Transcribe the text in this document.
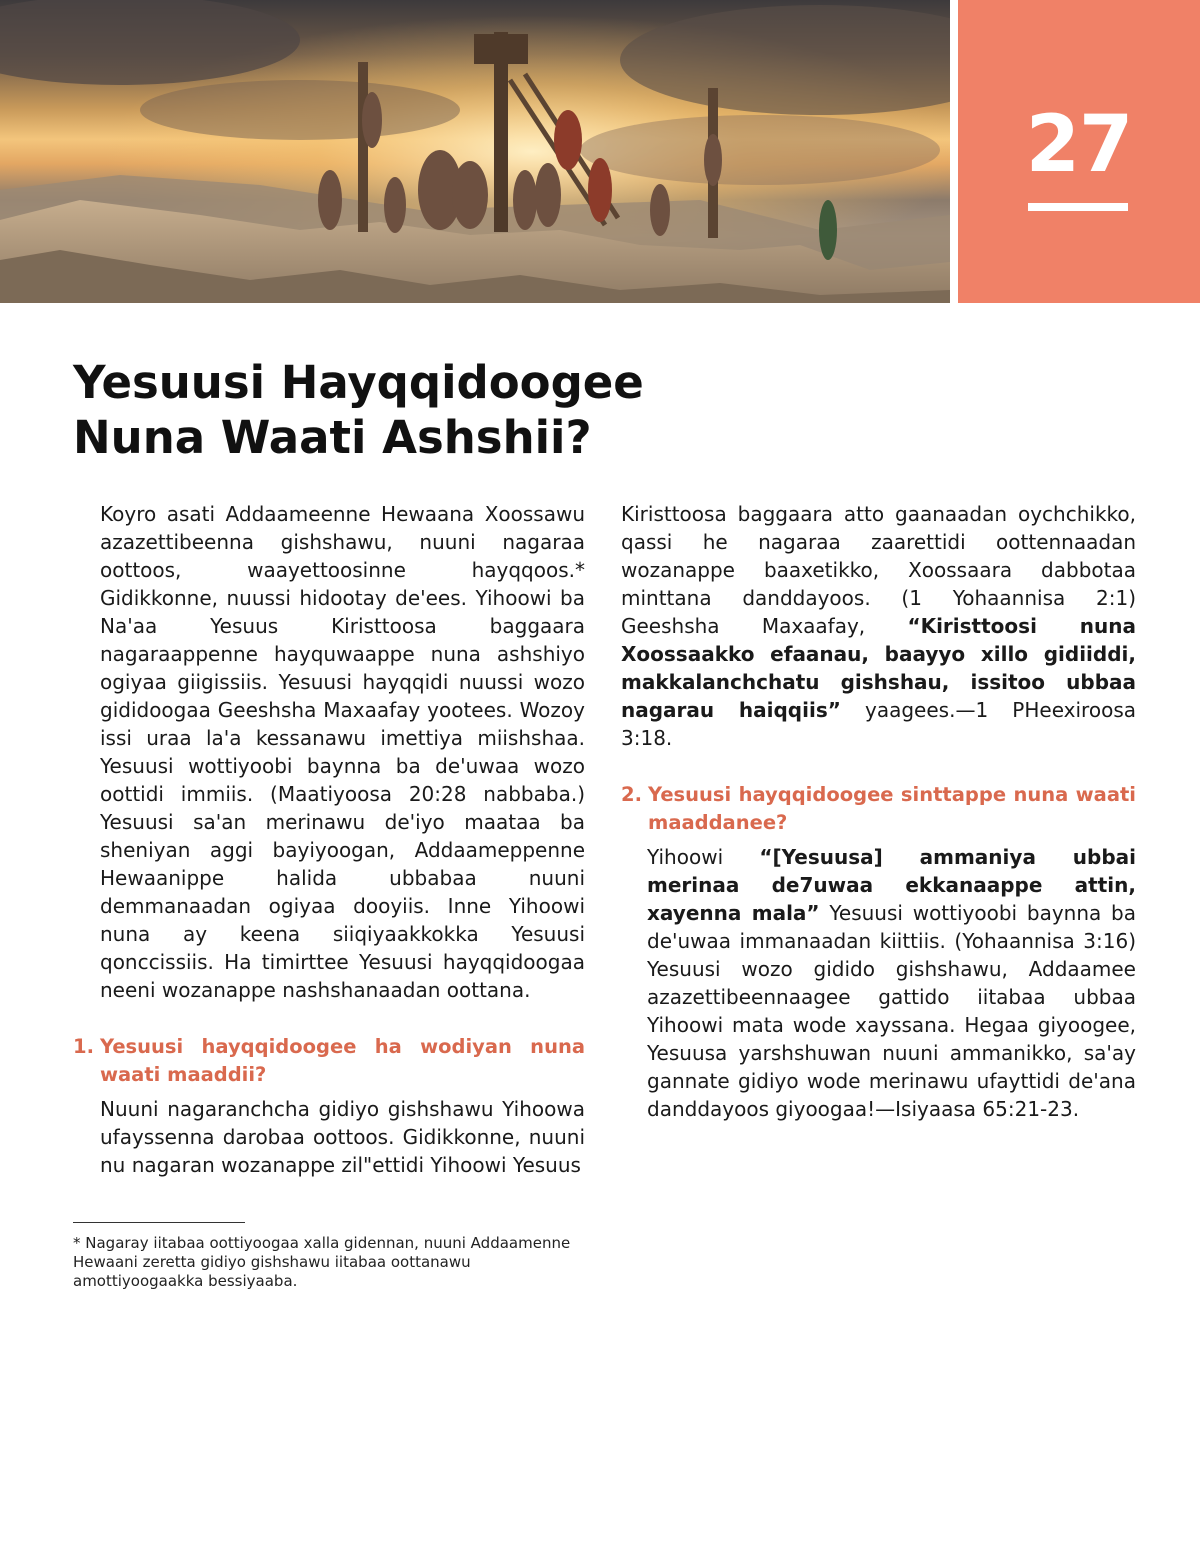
27
Yesuusi Hayqqidoogee
Nuna Waati Ashshii?

Koyro asati Addaameenne Hewaana Xoossawu azazettibeenna gishshawu, nuuni nagaraa oottoos, waayettoosinne hayqqoos.* Gidikkonne, nuussi hidootay de'ees. Yihoowi ba Na'aa Yesuus Kiristtoosa baggaara nagaraappenne hayquwaappe nuna ashshiyo ogiyaa giigissiis. Yesuusi hayqqidi nuussi wozo gididoogaa Geeshsha Maxaafay yootees. Wozoy issi uraa la'a kessanawu imettiya miishshaa. Yesuusi wottiyoobi baynna ba de'uwaa wozo oottidi immiis. (Maatiyoosa 20:28 nabbaba.) Yesuusi sa'an merinawu de'iyo maataa ba sheniyan aggi bayiyoogan, Addaameppenne Hewaanippe halida ubbabaa nuuni demmanaadan ogiyaa dooyiis. Inne Yihoowi nuna ay keena siiqiyaakkokka Yesuusi qonccissiis. Ha timirttee Yesuusi hayqqidoogaa neeni wozanappe nashshanaadan oottana.

1. Yesuusi hayqqidoogee ha wodiyan nuna waati maaddii?

Nuuni nagaranchcha gidiyo gishshawu Yihoowa ufayssenna darobaa oottoos. Gidikkonne, nuuni nu nagaran wozanappe zil"ettidi Yihoowi Yesuus

* Nagaray iitabaa oottiyoogaa xalla gidennan, nuuni Addaamenne Hewaani zeretta gidiyo gishshawu iitabaa oottanawu amottiyoogaakka bessiyaaba.

Kiristtoosa baggaara atto gaanaadan oychchikko, qassi he nagaraa zaarettidi oottennaadan wozanappe baaxetikko, Xoossaara dabbotaa minttana danddayoos. (1 Yohaannisa 2:1) Geeshsha Maxaafay, “Kiristtoosi nuna Xoossaakko efaanau, baayyo xillo gidiiddi, makkalanchchatu gishshau, issitoo ubbaa nagarau haiqqiis” yaagees.—1 PHeexiroosa 3:18.

2. Yesuusi hayqqidoogee sinttappe nuna waati maaddanee?

Yihoowi “[Yesuusa] ammaniya ubbai merinaa de7uwaa ekkanaappe attin, xayenna mala” Yesuusi wottiyoobi baynna ba de'uwaa immanaadan kiittiis. (Yohaannisa 3:16) Yesuusi wozo gidido gishshawu, Addaamee azazettibeennaagee gattido iitabaa ubbaa Yihoowi mata wode xayssana. Hegaa giyoogee, Yesuusa yarshshuwan nuuni ammanikko, sa'ay gannate gidiyo wode merinawu ufayttidi de'ana danddayoos giyoogaa!—Isiyaasa 65:21-23.
